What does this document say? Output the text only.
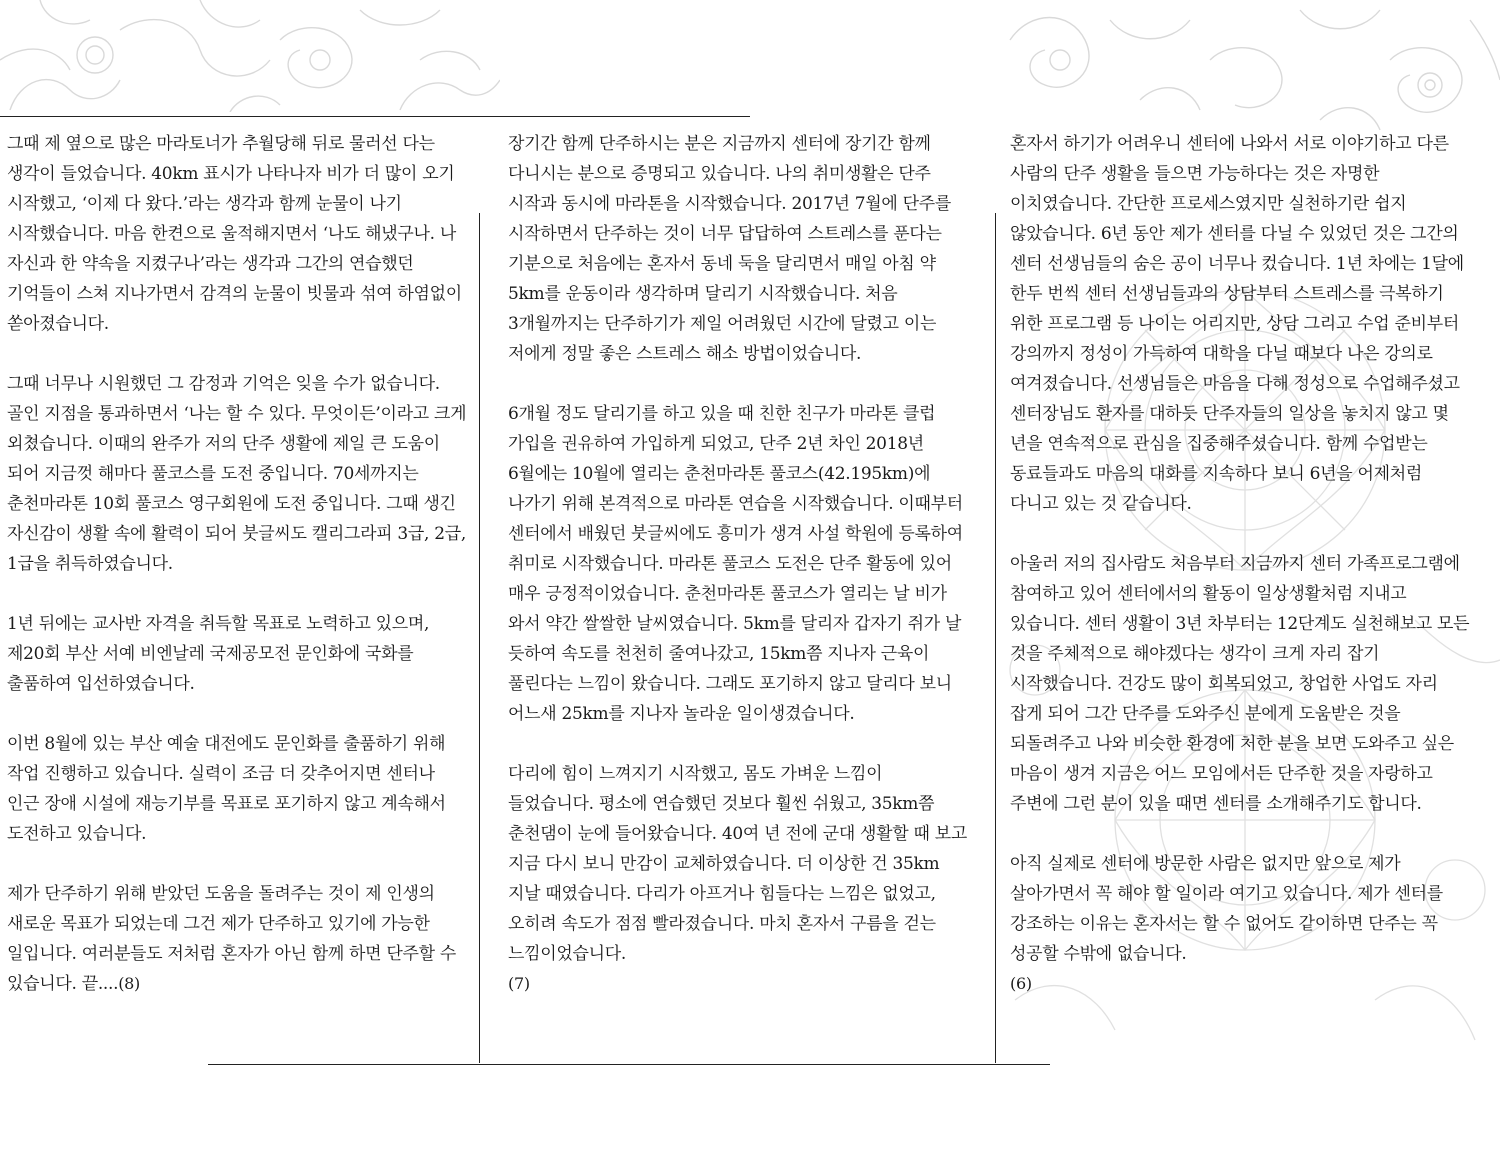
그때 제 옆으로 많은 마라토너가 추월당해 뒤로 물러선 다는 생각이 들었습니다. 40km 표시가 나타나자 비가 더 많이 오기 시작했고, ‘이제 다 왔다.’라는 생각과 함께 눈물이 나기 시작했습니다. 마음 한켠으로 울적해지면서 ‘나도 해냈구나. 나 자신과 한 약속을 지켰구나’라는 생각과 그간의 연습했던 기억들이 스쳐 지나가면서 감격의 눈물이 빗물과 섞여 하염없이 쏟아졌습니다.

그때 너무나 시원했던 그 감정과 기억은 잊을 수가 없습니다. 골인 지점을 통과하면서 ‘나는 할 수 있다. 무엇이든’이라고 크게 외쳤습니다. 이때의 완주가 저의 단주 생활에 제일 큰 도움이 되어 지금껏 해마다 풀코스를 도전 중입니다. 70세까지는 춘천마라톤 10회 풀코스 영구회원에 도전 중입니다. 그때 생긴 자신감이 생활 속에 활력이 되어 붓글씨도 캘리그라피 3급, 2급, 1급을 취득하였습니다.

1년 뒤에는 교사반 자격을 취득할 목표로 노력하고 있으며, 제20회 부산 서예 비엔날레 국제공모전 문인화에 국화를 출품하여 입선하였습니다.

이번 8월에 있는 부산 예술 대전에도 문인화를 출품하기 위해 작업 진행하고 있습니다. 실력이 조금 더 갖추어지면 센터나 인근 장애 시설에 재능기부를 목표로 포기하지 않고 계속해서 도전하고 있습니다.

제가 단주하기 위해 받았던 도움을 돌려주는 것이 제 인생의 새로운 목표가 되었는데 그건 제가 단주하고 있기에 가능한 일입니다. 여러분들도 저처럼 혼자가 아닌 함께 하면 단주할 수 있습니다. 끝....(8)

장기간 함께 단주하시는 분은 지금까지 센터에 장기간 함께 다니시는 분으로 증명되고 있습니다. 나의 취미생활은 단주 시작과 동시에 마라톤을 시작했습니다. 2017년 7월에 단주를 시작하면서 단주하는 것이 너무 답답하여 스트레스를 푼다는 기분으로 처음에는 혼자서 동네 둑을 달리면서 매일 아침 약 5km를 운동이라 생각하며 달리기 시작했습니다. 처음 3개월까지는 단주하기가 제일 어려웠던 시간에 달렸고 이는 저에게 정말 좋은 스트레스 해소 방법이었습니다.

6개월 정도 달리기를 하고 있을 때 친한 친구가 마라톤 클럽 가입을 권유하여 가입하게 되었고, 단주 2년 차인 2018년 6월에는 10월에 열리는 춘천마라톤 풀코스(42.195km)에 나가기 위해 본격적으로 마라톤 연습을 시작했습니다. 이때부터 센터에서 배웠던 붓글씨에도 흥미가 생겨 사설 학원에 등록하여 취미로 시작했습니다. 마라톤 풀코스 도전은 단주 활동에 있어 매우 긍정적이었습니다. 춘천마라톤 풀코스가 열리는 날 비가 와서 약간 쌀쌀한 날씨였습니다. 5km를 달리자 갑자기 쥐가 날 듯하여 속도를 천천히 줄여나갔고, 15km쯤 지나자 근육이 풀린다는 느낌이 왔습니다. 그래도 포기하지 않고 달리다 보니 어느새 25km를 지나자 놀라운 일이생겼습니다.

다리에 힘이 느껴지기 시작했고, 몸도 가벼운 느낌이 들었습니다. 평소에 연습했던 것보다 훨씬 쉬웠고, 35km쯤 춘천댐이 눈에 들어왔습니다. 40여 년 전에 군대 생활할 때 보고 지금 다시 보니 만감이 교체하였습니다. 더 이상한 건 35km 지날 때였습니다. 다리가 아프거나 힘들다는 느낌은 없었고, 오히려 속도가 점점 빨라졌습니다. 마치 혼자서 구름을 걷는 느낌이었습니다.

(7)

혼자서 하기가 어려우니 센터에 나와서 서로 이야기하고 다른 사람의 단주 생활을 들으면 가능하다는 것은 자명한 이치였습니다. 간단한 프로세스였지만 실천하기란 쉽지 않았습니다. 6년 동안 제가 센터를 다닐 수 있었던 것은 그간의 센터 선생님들의 숨은 공이 너무나 컸습니다. 1년 차에는 1달에 한두 번씩 센터 선생님들과의 상담부터 스트레스를 극복하기 위한 프로그램 등 나이는 어리지만, 상담 그리고 수업 준비부터 강의까지 정성이 가득하여 대학을 다닐 때보다 나은 강의로 여겨졌습니다. 선생님들은 마음을 다해 정성으로 수업해주셨고 센터장님도 환자를 대하듯 단주자들의 일상을 놓치지 않고 몇 년을 연속적으로 관심을 집중해주셨습니다. 함께 수업받는 동료들과도 마음의 대화를 지속하다 보니 6년을 어제처럼 다니고 있는 것 같습니다.

아울러 저의 집사람도 처음부터 지금까지 센터 가족프로그램에 참여하고 있어 센터에서의 활동이 일상생활처럼 지내고 있습니다. 센터 생활이 3년 차부터는 12단계도 실천해보고 모든 것을 주체적으로 해야겠다는 생각이 크게 자리 잡기 시작했습니다. 건강도 많이 회복되었고, 창업한 사업도 자리 잡게 되어 그간 단주를 도와주신 분에게 도움받은 것을 되돌려주고 나와 비슷한 환경에 처한 분을 보면 도와주고 싶은 마음이 생겨 지금은 어느 모임에서든 단주한 것을 자랑하고 주변에 그런 분이 있을 때면 센터를 소개해주기도 합니다.

아직 실제로 센터에 방문한 사람은 없지만 앞으로 제가 살아가면서 꼭 해야 할 일이라 여기고 있습니다. 제가 센터를 강조하는 이유는 혼자서는 할 수 없어도 같이하면 단주는 꼭 성공할 수밖에 없습니다.

(6)
